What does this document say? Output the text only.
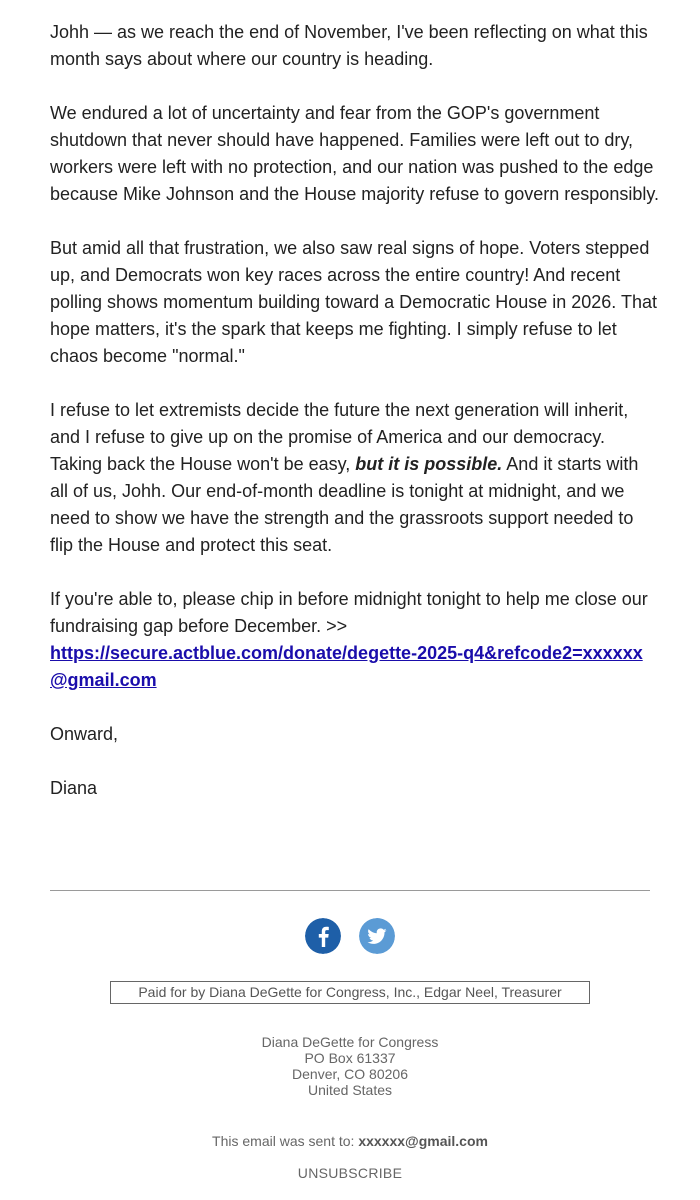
Johh — as we reach the end of November, I've been reflecting on what this month says about where our country is heading.

We endured a lot of uncertainty and fear from the GOP's government shutdown that never should have happened. Families were left out to dry, workers were left with no protection, and our nation was pushed to the edge because Mike Johnson and the House majority refuse to govern responsibly.

But amid all that frustration, we also saw real signs of hope. Voters stepped up, and Democrats won key races across the entire country! And recent polling shows momentum building toward a Democratic House in 2026. That hope matters, it's the spark that keeps me fighting. I simply refuse to let chaos become "normal."

I refuse to let extremists decide the future the next generation will inherit, and I refuse to give up on the promise of America and our democracy. Taking back the House won't be easy, but it is possible. And it starts with all of us, Johh. Our end-of-month deadline is tonight at midnight, and we need to show we have the strength and the grassroots support needed to flip the House and protect this seat.

If you're able to, please chip in before midnight tonight to help me close our fundraising gap before December. >>
https://secure.actblue.com/donate/degette-2025-q4&refcode2=xxxxxx@gmail.com

Onward,

Diana

Paid for by Diana DeGette for Congress, Inc., Edgar Neel, Treasurer
Diana DeGette for Congress
PO Box 61337
Denver, CO 80206
United States
This email was sent to: xxxxxx@gmail.com
UNSUBSCRIBE
